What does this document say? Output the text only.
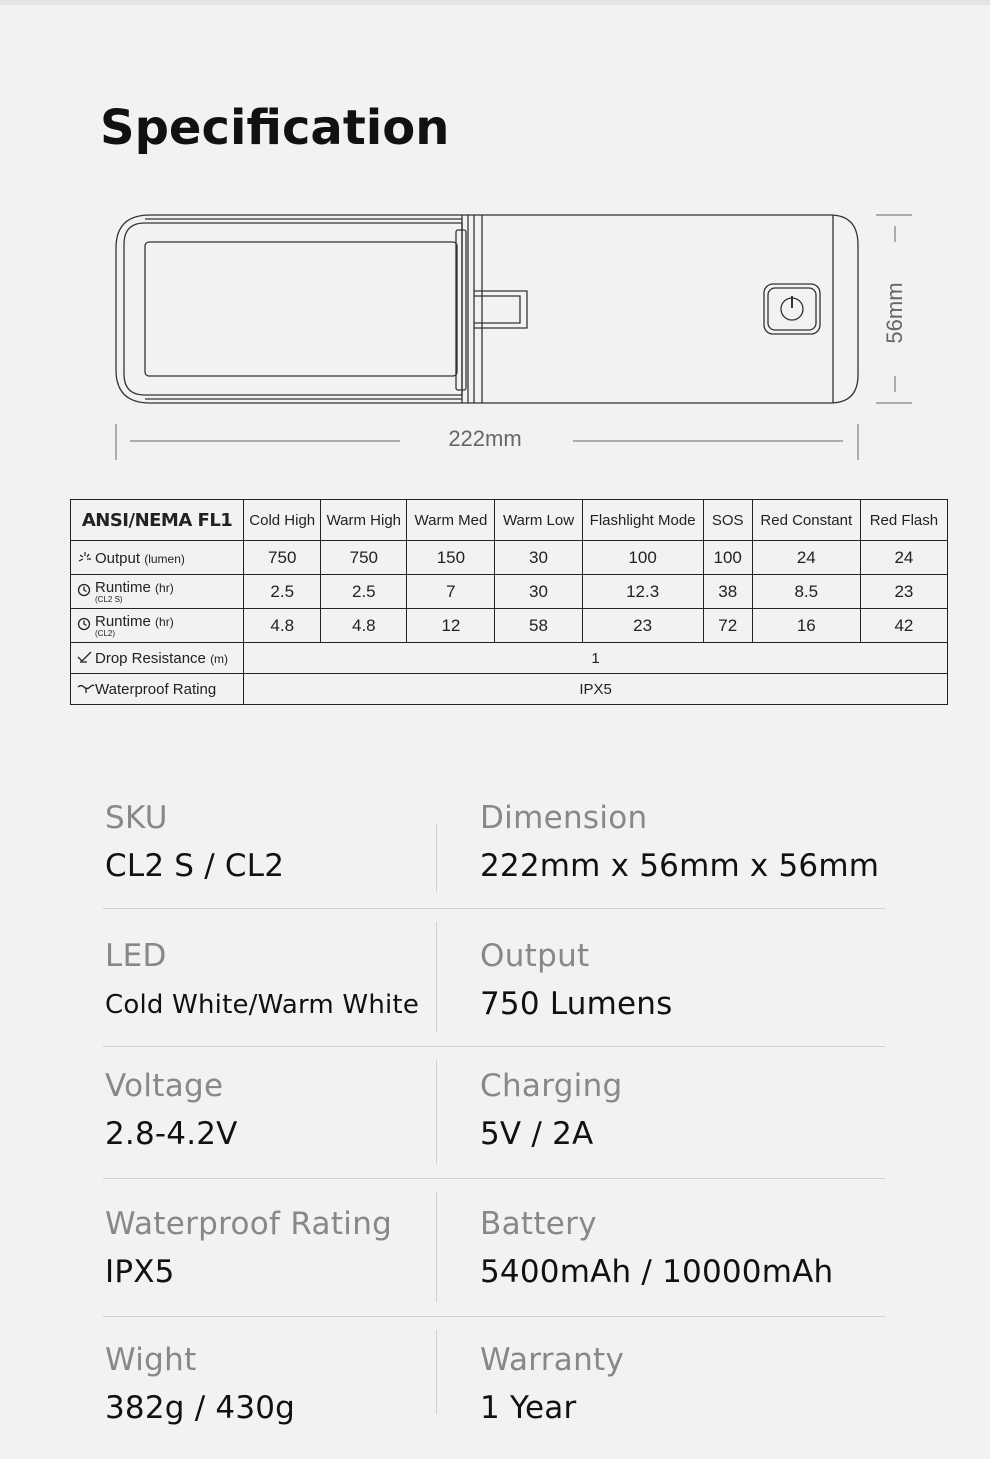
Specification
56mm
222mm
ANSI/NEMA FL1	Cold High	Warm High	Warm Med	Warm Low	Flashlight Mode	SOS	Red Constant	Red Flash
Output (lumen)	750	750	150	30	100	100	24	24
Runtime (hr)
(CL2 S)	2.5	2.5	7	30	12.3	38	8.5	23
Runtime (hr)
(CL2)	4.8	4.8	12	58	23	72	16	42
Drop Resistance (m)	1							
Waterproof Rating	IPX5							
SKU
CL2 S / CL2
Dimension
222mm x 56mm x 56mm
LED
Cold White/Warm White
Output
750 Lumens
Voltage
2.8-4.2V
Charging
5V / 2A
Waterproof Rating
IPX5
Battery
5400mAh / 10000mAh
Wight
382g / 430g
Warranty
1 Year
